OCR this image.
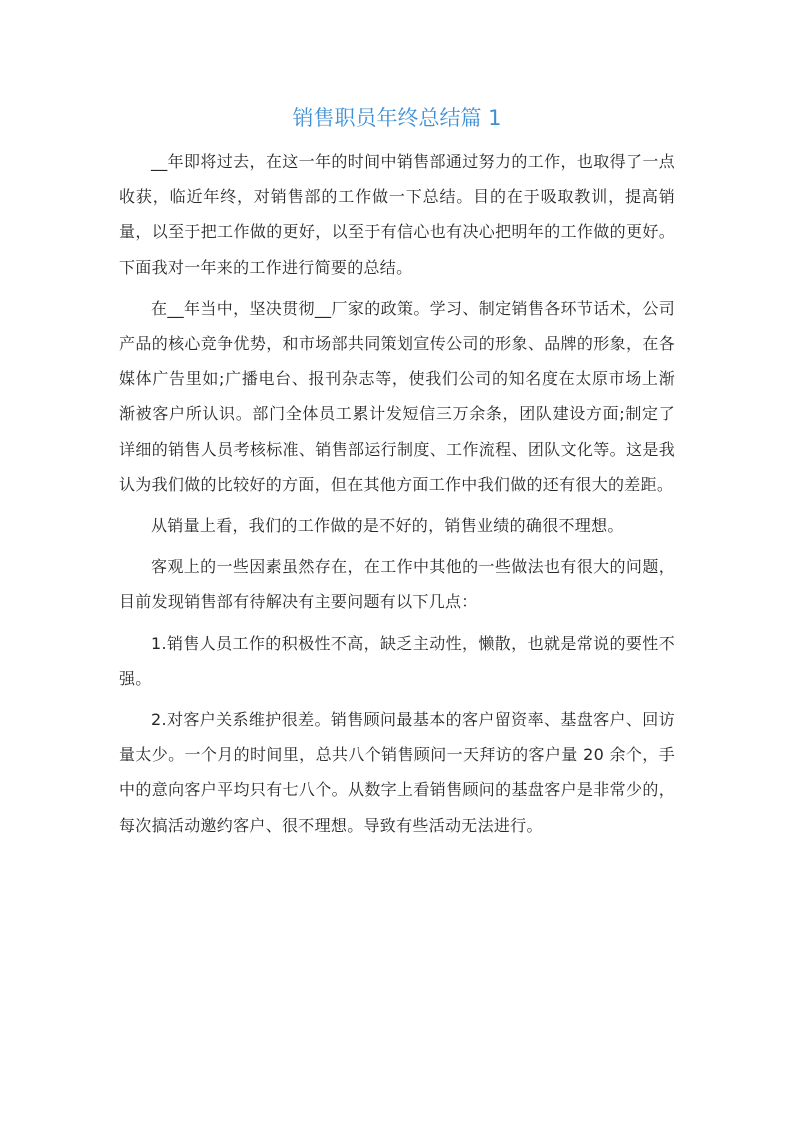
销售职员年终总结篇 1

__年即将过去，在这一年的时间中销售部通过努力的工作，也取得了一点收获，临近年终，对销售部的工作做一下总结。目的在于吸取教训，提高销量，以至于把工作做的更好，以至于有信心也有决心把明年的工作做的更好。下面我对一年来的工作进行简要的总结。

在__年当中，坚决贯彻__厂家的政策。学习、制定销售各环节话术，公司产品的核心竞争优势，和市场部共同策划宣传公司的形象、品牌的形象，在各媒体广告里如;广播电台、报刊杂志等，使我们公司的知名度在太原市场上渐渐被客户所认识。部门全体员工累计发短信三万余条，团队建设方面;制定了详细的销售人员考核标准、销售部运行制度、工作流程、团队文化等。这是我认为我们做的比较好的方面，但在其他方面工作中我们做的还有很大的差距。

从销量上看，我们的工作做的是不好的，销售业绩的确很不理想。

客观上的一些因素虽然存在，在工作中其他的一些做法也有很大的问题，目前发现销售部有待解决有主要问题有以下几点：

1.销售人员工作的积极性不高，缺乏主动性，懒散，也就是常说的要性不强。

2.对客户关系维护很差。销售顾问最基本的客户留资率、基盘客户、回访量太少。一个月的时间里，总共八个销售顾问一天拜访的客户量 20 余个，手中的意向客户平均只有七八个。从数字上看销售顾问的基盘客户是非常少的，每次搞活动邀约客户、很不理想。导致有些活动无法进行。
